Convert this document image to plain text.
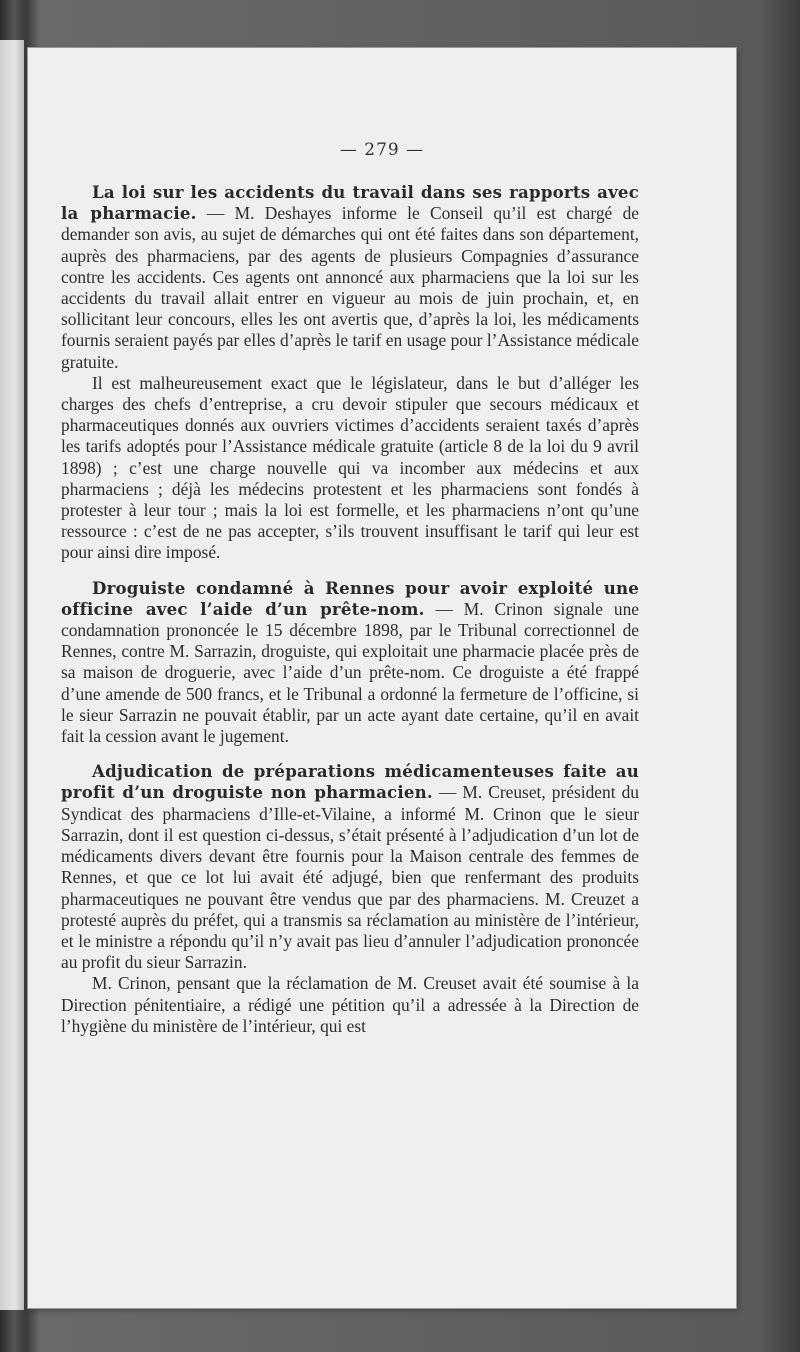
— 279 —

La loi sur les accidents du travail dans ses rapports avec la pharmacie. — M. Deshayes informe le Conseil qu’il est chargé de demander son avis, au sujet de démarches qui ont été faites dans son département, auprès des pharmaciens, par des agents de plusieurs Compagnies d’assurance contre les accidents. Ces agents ont annoncé aux pharmaciens que la loi sur les accidents du travail allait entrer en vigueur au mois de juin prochain, et, en sollicitant leur concours, elles les ont avertis que, d’après la loi, les médicaments fournis seraient payés par elles d’après le tarif en usage pour l’Assistance médicale gratuite.

Il est malheureusement exact que le législateur, dans le but d’alléger les charges des chefs d’entreprise, a cru devoir stipuler que secours médicaux et pharmaceutiques donnés aux ouvriers victimes d’accidents seraient taxés d’après les tarifs adoptés pour l’Assistance médicale gratuite (article 8 de la loi du 9 avril 1898) ; c’est une charge nouvelle qui va incomber aux médecins et aux pharmaciens ; déjà les médecins protestent et les pharmaciens sont fondés à protester à leur tour ; mais la loi est formelle, et les pharmaciens n’ont qu’une ressource : c’est de ne pas accepter, s’ils trouvent insuffisant le tarif qui leur est pour ainsi dire imposé.

Droguiste condamné à Rennes pour avoir exploité une officine avec l’aide d’un prête-nom. — M. Crinon signale une condamnation prononcée le 15 décembre 1898, par le Tribunal correctionnel de Rennes, contre M. Sarrazin, droguiste, qui exploitait une pharmacie placée près de sa maison de droguerie, avec l’aide d’un prête-nom. Ce droguiste a été frappé d’une amende de 500 francs, et le Tribunal a ordonné la fermeture de l’officine, si le sieur Sarrazin ne pouvait établir, par un acte ayant date certaine, qu’il en avait fait la cession avant le jugement.

Adjudication de préparations médicamenteuses faite au profit d’un droguiste non pharmacien. — M. Creuset, président du Syndicat des pharmaciens d’Ille-et-Vilaine, a informé M. Crinon que le sieur Sarrazin, dont il est question ci-dessus, s’était présenté à l’adjudication d’un lot de médicaments divers devant être fournis pour la Maison centrale des femmes de Rennes, et que ce lot lui avait été adjugé, bien que renfermant des produits pharmaceutiques ne pouvant être vendus que par des pharmaciens. M. Creuzet a protesté auprès du préfet, qui a transmis sa réclamation au ministère de l’intérieur, et le ministre a répondu qu’il n’y avait pas lieu d’annuler l’adjudication prononcée au profit du sieur Sarrazin.

M. Crinon, pensant que la réclamation de M. Creuset avait été soumise à la Direction pénitentiaire, a rédigé une pétition qu’il a adressée à la Direction de l’hygiène du ministère de l’intérieur, qui est
